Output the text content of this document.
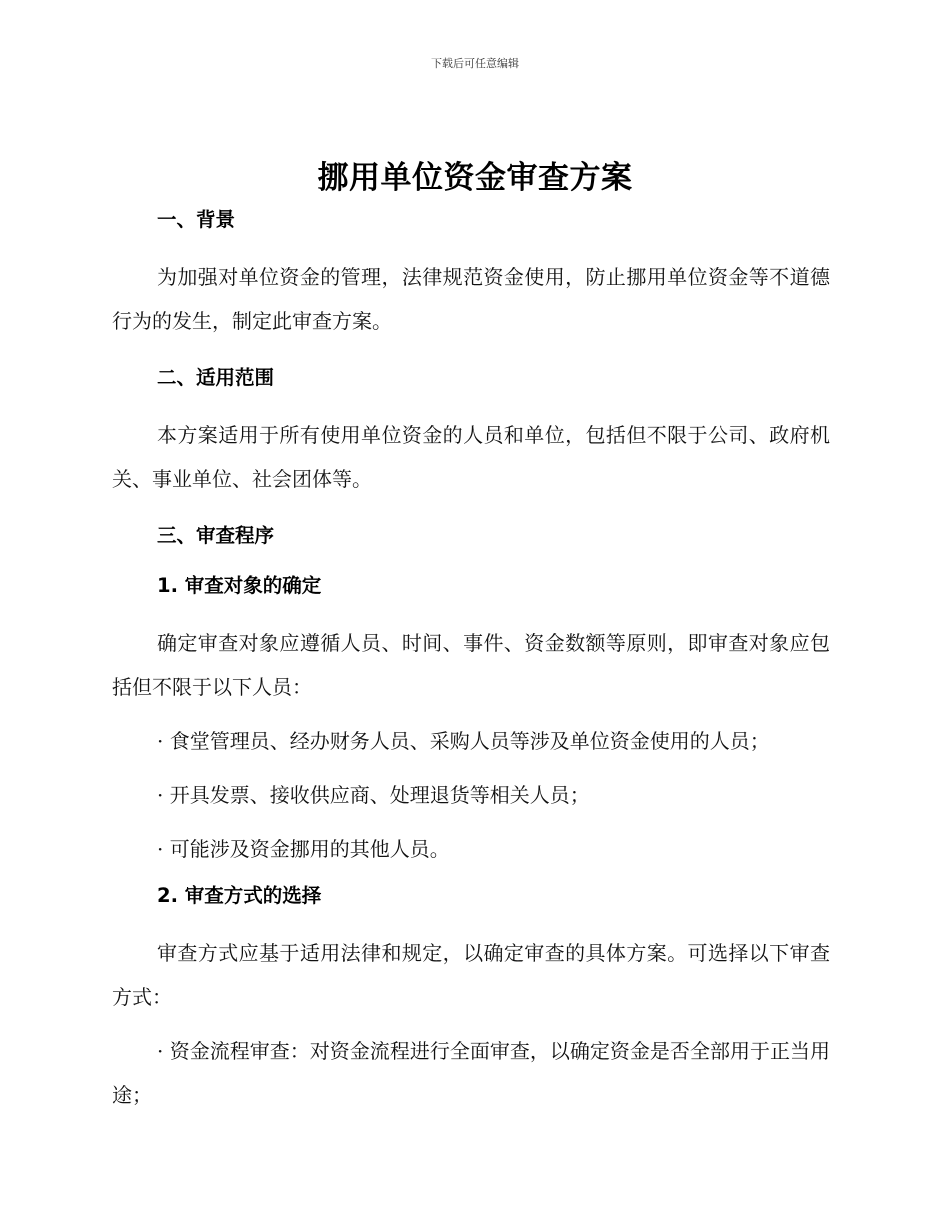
下载后可任意编辑
挪用单位资金审查方案

一、背景

为加强对单位资金的管理，法律规范资金使用，防止挪用单位资金等不道德行为的发生，制定此审查方案。

二、适用范围

本方案适用于所有使用单位资金的人员和单位，包括但不限于公司、政府机关、事业单位、社会团体等。

三、审查程序

1. 审查对象的确定

确定审查对象应遵循人员、时间、事件、资金数额等原则，即审查对象应包括但不限于以下人员：

· 食堂管理员、经办财务人员、采购人员等涉及单位资金使用的人员；

· 开具发票、接收供应商、处理退货等相关人员；

· 可能涉及资金挪用的其他人员。

2. 审查方式的选择

审查方式应基于适用法律和规定，以确定审查的具体方案。可选择以下审查方式：

· 资金流程审查：对资金流程进行全面审查，以确定资金是否全部用于正当用途；
